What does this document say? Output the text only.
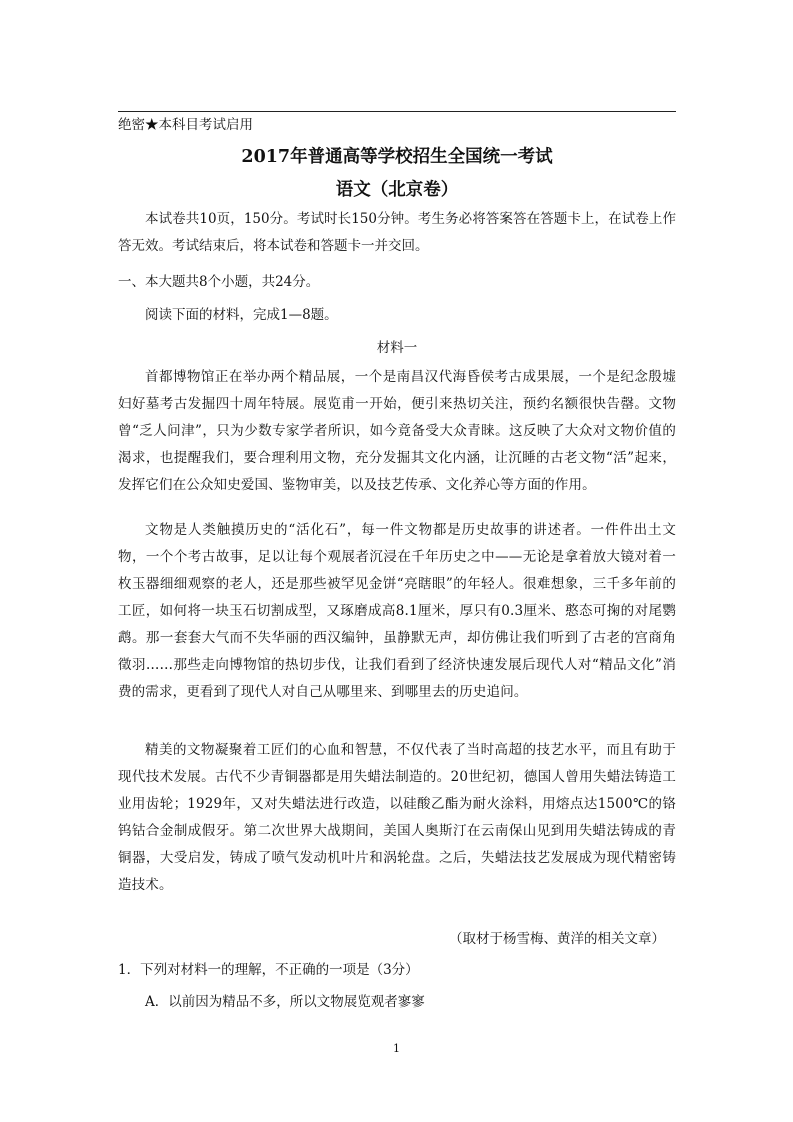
绝密★本科目考试启用
2017年普通高等学校招生全国统一考试
语文（北京卷）
本试卷共10页，150分。考试时长150分钟。考生务必将答案答在答题卡上，在试卷上作答无效。考试结束后，将本试卷和答题卡一并交回。
一、本大题共8个小题，共24分。
阅读下面的材料，完成1—8题。
材料一
首都博物馆正在举办两个精品展，一个是南昌汉代海昏侯考古成果展，一个是纪念殷墟妇好墓考古发掘四十周年特展。展览甫一开始，便引来热切关注，预约名额很快告罄。文物曾“乏人问津”，只为少数专家学者所识，如今竟备受大众青睐。这反映了大众对文物价值的渴求，也提醒我们，要合理利用文物，充分发掘其文化内涵，让沉睡的古老文物“活”起来，发挥它们在公众知史爱国、鉴物审美，以及技艺传承、文化养心等方面的作用。
文物是人类触摸历史的“活化石”，每一件文物都是历史故事的讲述者。一件件出土文物，一个个考古故事，足以让每个观展者沉浸在千年历史之中——无论是拿着放大镜对着一枚玉器细细观察的老人，还是那些被罕见金饼“亮瞎眼”的年轻人。很难想象，三千多年前的工匠，如何将一块玉石切割成型，又琢磨成高8.1厘米，厚只有0.3厘米、憨态可掬的对尾鹦鹉。那一套套大气而不失华丽的西汉编钟，虽静默无声，却仿佛让我们听到了古老的宫商角徵羽……那些走向博物馆的热切步伐，让我们看到了经济快速发展后现代人对“精品文化”消费的需求，更看到了现代人对自己从哪里来、到哪里去的历史追问。
精美的文物凝聚着工匠们的心血和智慧，不仅代表了当时高超的技艺水平，而且有助于现代技术发展。古代不少青铜器都是用失蜡法制造的。20世纪初，德国人曾用失蜡法铸造工业用齿轮；1929年，又对失蜡法进行改造，以硅酸乙酯为耐火涂料，用熔点达1500℃的铬钨钴合金制成假牙。第二次世界大战期间，美国人奥斯汀在云南保山见到用失蜡法铸成的青铜器，大受启发，铸成了喷气发动机叶片和涡轮盘。之后，失蜡法技艺发展成为现代精密铸造技术。
（取材于杨雪梅、黄洋的相关文章）
1．下列对材料一的理解，不正确的一项是（3分）
A．以前因为精品不多，所以文物展览观者寥寥
1
